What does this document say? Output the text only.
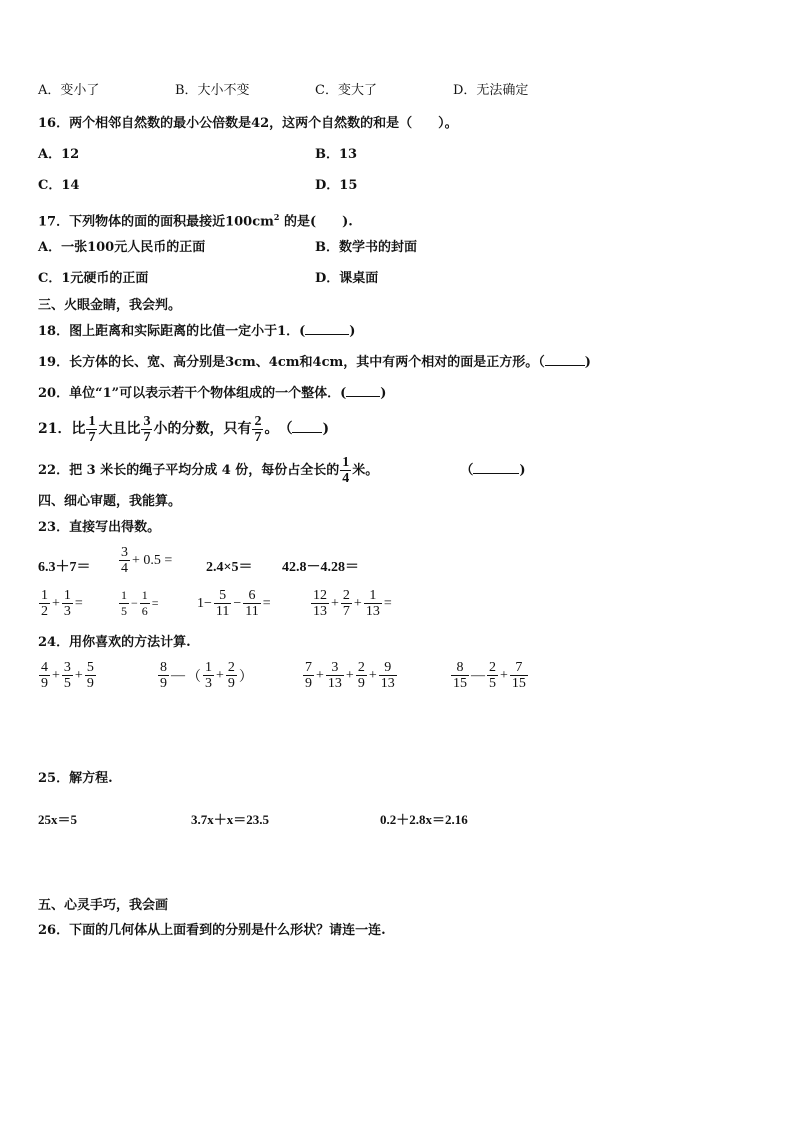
A．变小了	B．大小不变	C．变大了	D．无法确定
16．两个相邻自然数的最小公倍数是42，这两个自然数的和是（　　）。
A．12	B．13
C．14	D．15
17．下列物体的面的面积最接近$100cm^2$ 的是(　　).
A．一张100元人民币的正面	B．数学书的封面
C．1元硬币的正面	D．课桌面
三、火眼金睛，我会判。
18．图上距离和实际距离的比值一定小于1．(	)
19．长方体的长、宽、高分别是3cm、4cm和4cm，其中有两个相对的面是正方形。（	)
20．单位“1”可以表示若干个物体组成的一个整体．(	)
21．比 $\frac{1}{7}$ 大且比 $\frac{3}{7}$ 小的分数，只有 $\frac{2}{7}$ 。　（ )
22．把 3 米长的绳子平均分成 4 份，每份占全长的 $\frac{1}{4}$ 米。	（	)
四、细心审题，我能算。
23．直接写出得数。
$6.3+7= \frac{3}{4} + 0.5 = 2.4\times 5= 42.8-4.28=$
$\frac{1}{2} + \frac{1}{3}$ =	$\frac{1}{5} - \frac{1}{6}$ =	$1- \frac{5}{11} - \frac{6}{11}$ =	$\frac{12}{13} + \frac{2}{7} + \frac{1}{13}$ =
24．用你喜欢的方法计算.
$\frac{4}{9} + \frac{3}{5} + \frac{5}{9}$	$\frac{8}{9}$ — （ $\frac{1}{3} + \frac{2}{9}$ ）	$\frac{7}{9} + \frac{3}{13} + \frac{2}{9} + \frac{9}{13}$	$\frac{8}{15}$ — $\frac{2}{5} + \frac{7}{15}$
25．解方程.
25x＝5	3.7x＋x＝23.5	0.2＋2.8x＝2.16
五、心灵手巧，我会画
26．下面的几何体从上面看到的分别是什么形状？请连一连.
